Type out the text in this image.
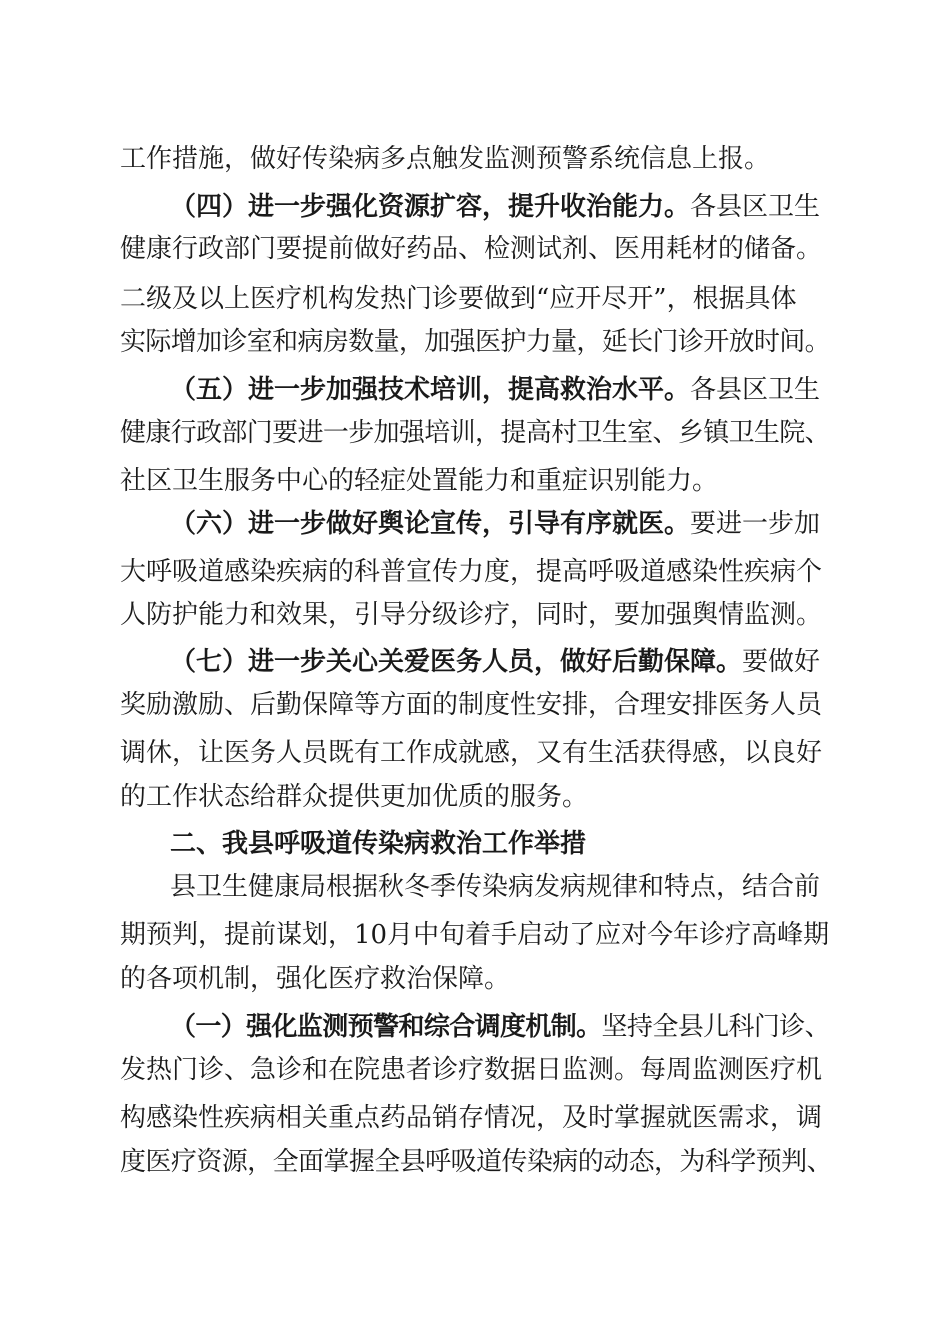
工作措施，做好传染病多点触发监测预警系统信息上报。
（四）进一步强化资源扩容，提升收治能力。各县区卫生
健康行政部门要提前做好药品、检测试剂、医用耗材的储备。
二级及以上医疗机构发热门诊要做到“应开尽开”，根据具体
实际增加诊室和病房数量，加强医护力量，延长门诊开放时间。
（五）进一步加强技术培训，提高救治水平。各县区卫生
健康行政部门要进一步加强培训，提高村卫生室、乡镇卫生院、
社区卫生服务中心的轻症处置能力和重症识别能力。
（六）进一步做好舆论宣传，引导有序就医。要进一步加
大呼吸道感染疾病的科普宣传力度，提高呼吸道感染性疾病个
人防护能力和效果，引导分级诊疗，同时，要加强舆情监测。
（七）进一步关心关爱医务人员，做好后勤保障。要做好
奖励激励、后勤保障等方面的制度性安排，合理安排医务人员
调休，让医务人员既有工作成就感，又有生活获得感，以良好
的工作状态给群众提供更加优质的服务。
二、我县呼吸道传染病救治工作举措
县卫生健康局根据秋冬季传染病发病规律和特点，结合前
期预判，提前谋划，10月中旬着手启动了应对今年诊疗高峰期
的各项机制，强化医疗救治保障。
（一）强化监测预警和综合调度机制。坚持全县儿科门诊、
发热门诊、急诊和在院患者诊疗数据日监测。每周监测医疗机
构感染性疾病相关重点药品销存情况，及时掌握就医需求，调
度医疗资源，全面掌握全县呼吸道传染病的动态，为科学预判、
